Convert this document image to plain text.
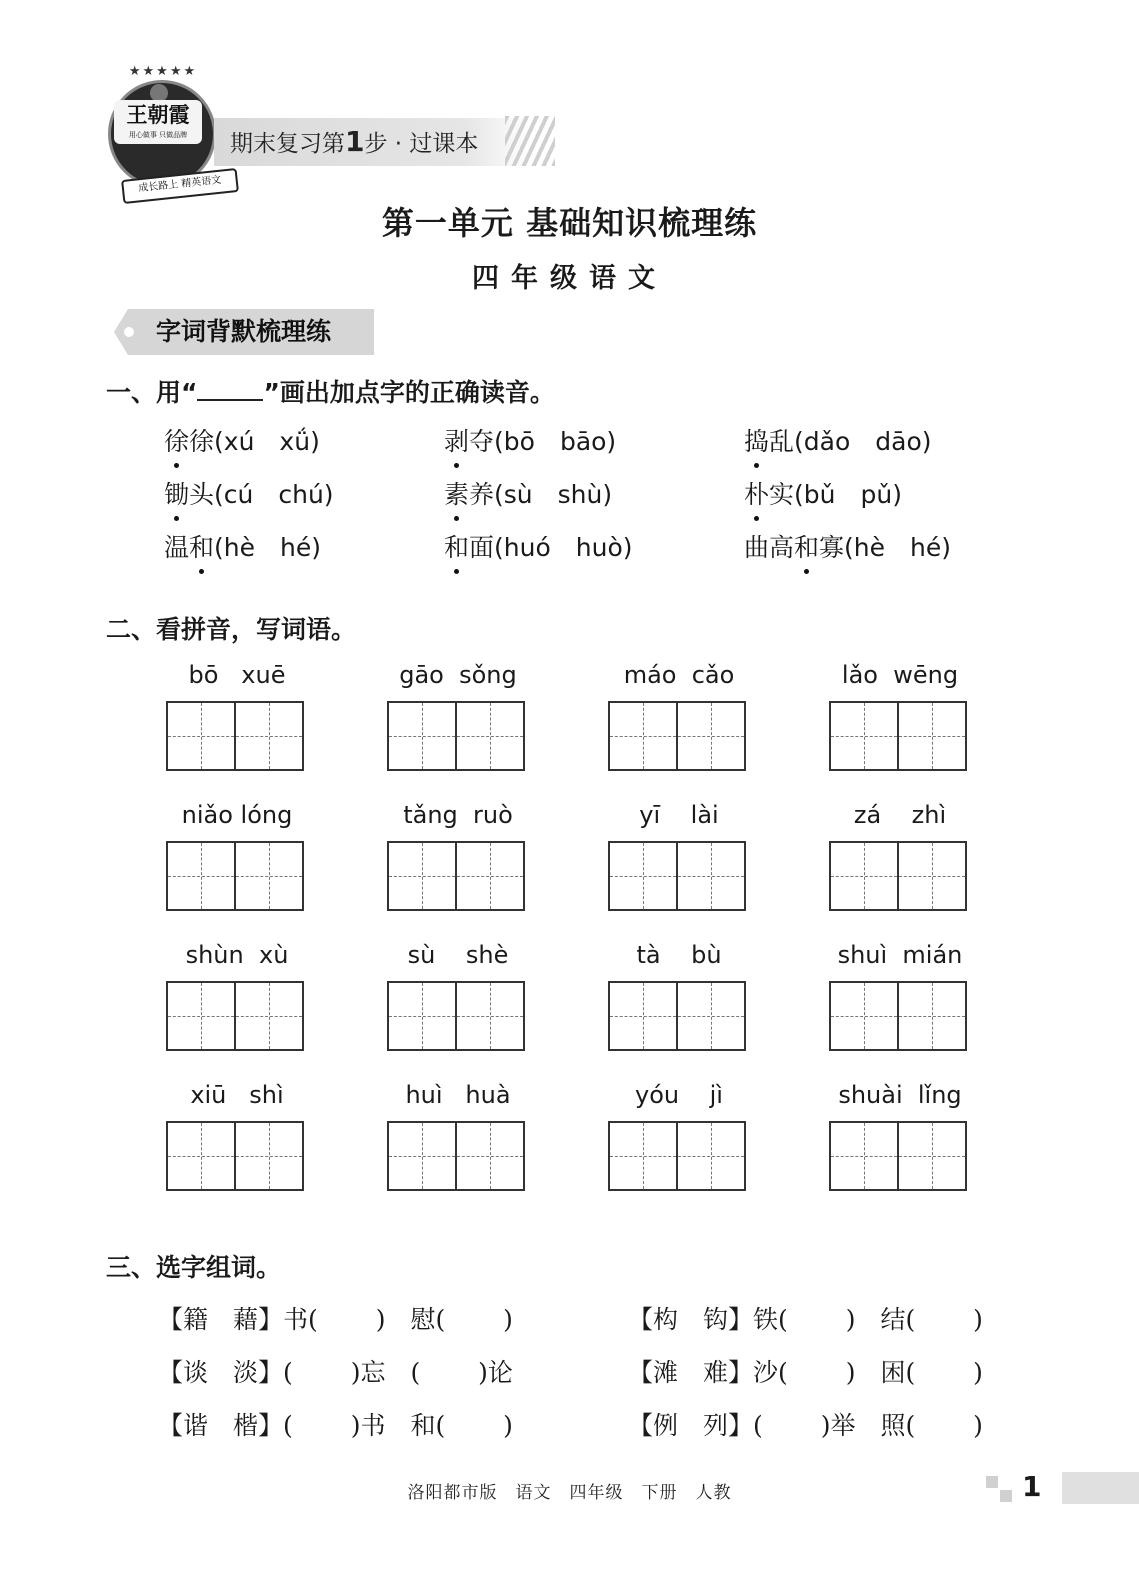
★★★★★
王朝霞
用心做事 只做品牌
成长路上 精英语文
期末复习第1步 · 过课本
第一单元 基础知识梳理练
四年级语文
字词背默梳理练
一、用“	”画出加点字的正确读音。
徐徐(xú　xǘ)	剥夺(bō　bāo)	捣乱(dǎo　dāo)
锄头(cú　chú)	素养(sù　shù)	朴实(bǔ　pǔ)
温和(hè　hé)	和面(huó　huò)	曲高和寡(hè　hé)
二、看拼音，写词语。
bō   xuē	gāo  sǒng	máo  cǎo	lǎo  wēng
niǎo lóng	tǎng  ruò	yī    lài	zá    zhì
shùn  xù	sù    shè	tà    bù	shuì  mián
xiū   shì	huì   huà	yóu    jì	shuài  lǐng
三、选字组词。
【籍　藉】书(　　 )　慰(　　 )	【构　钩】铁(　　 )　结(　　 )
【谈　淡】(　　 )忘　(　　 )论	【滩　难】沙(　　 )　困(　　 )
【谐　楷】(　　 )书　和(　　 )	【例　列】(　　 )举　照(　　 )
洛阳都市版　语文　四年级　下册　人教	1
